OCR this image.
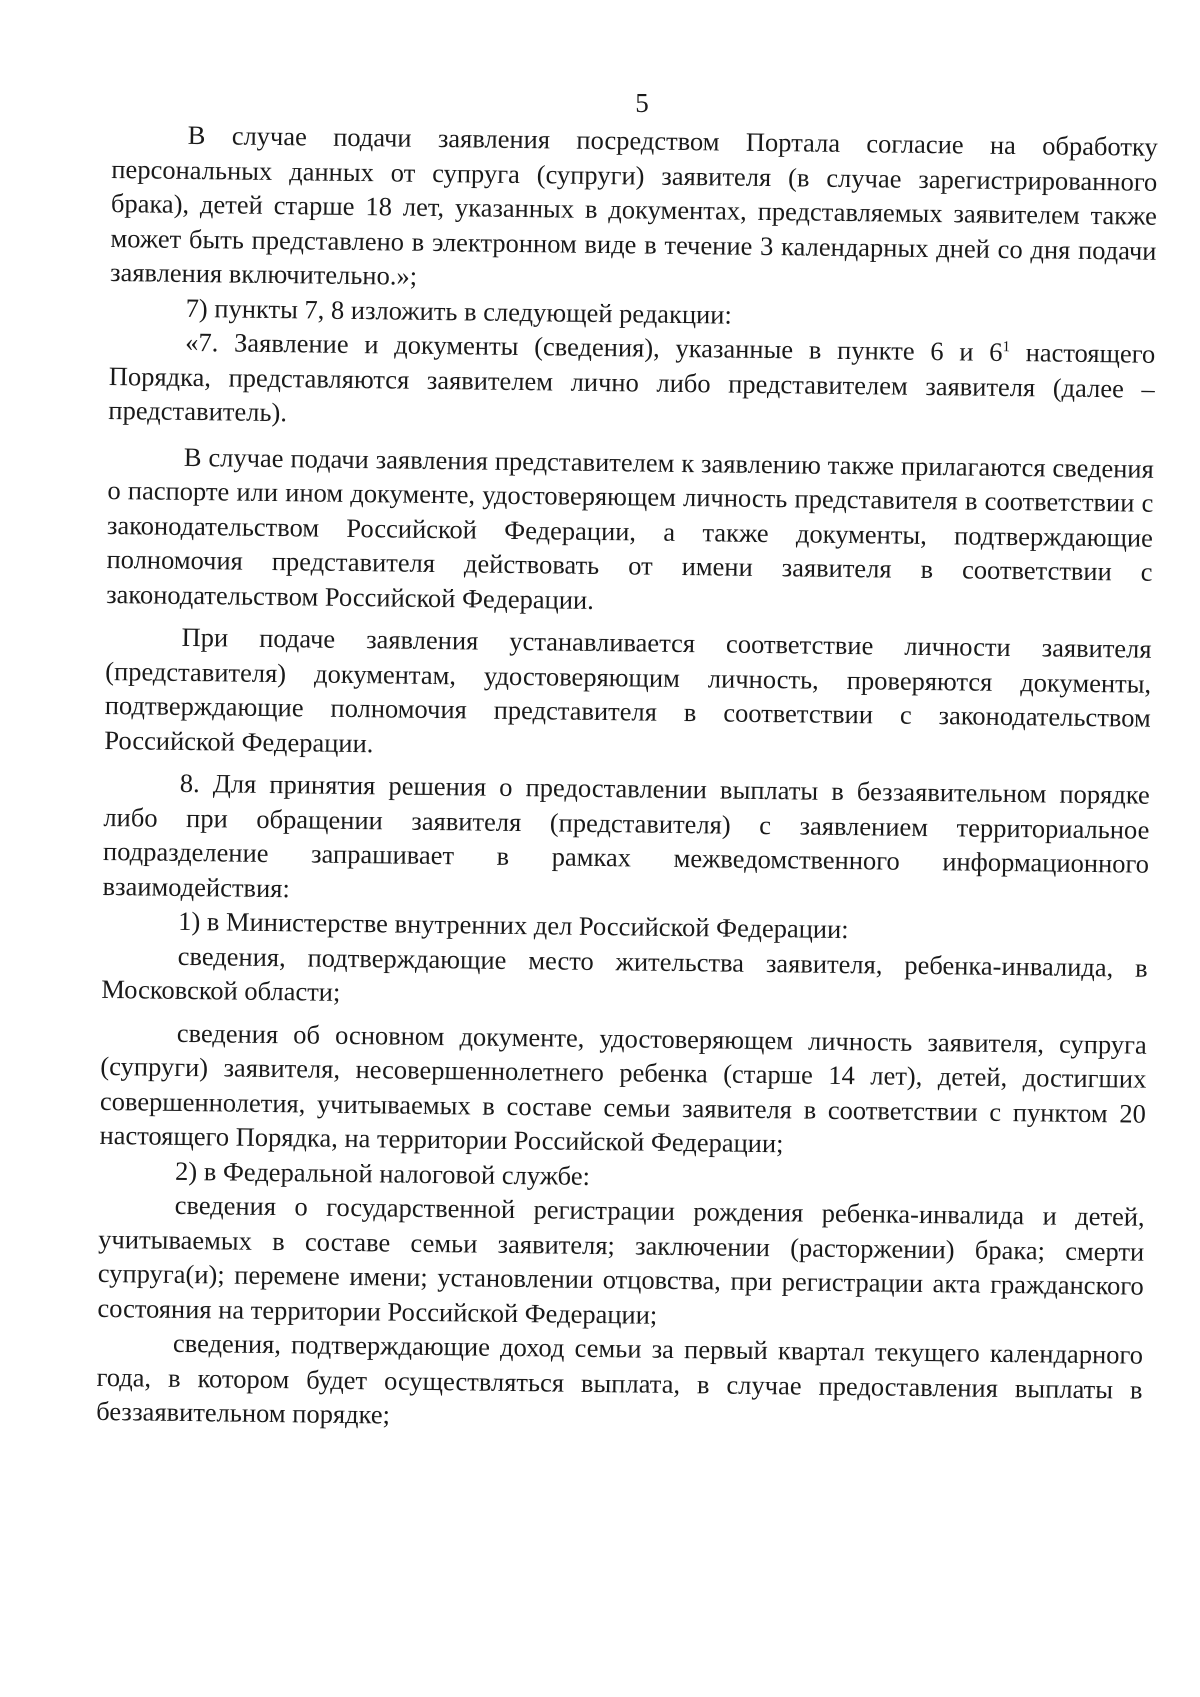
5

В случае подачи заявления посредством Портала согласие на обработку персональных данных от супруга (супруги) заявителя (в случае зарегистрированного брака), детей старше 18 лет, указанных в документах, представляемых заявителем также может быть представлено в электронном виде в течение 3 календарных дней со дня подачи заявления включительно.»;

7) пункты 7, 8 изложить в следующей редакции:

«7. Заявление и документы (сведения), указанные в пункте 6 и $6^1$ настоящего Порядка, представляются заявителем лично либо представителем заявителя (далее – представитель).

В случае подачи заявления представителем к заявлению также прилагаются сведения о паспорте или ином документе, удостоверяющем личность представителя в соответствии с законодательством Российской Федерации, а также документы, подтверждающие полномочия представителя действовать от имени заявителя в соответствии с законодательством Российской Федерации.

При подаче заявления устанавливается соответствие личности заявителя (представителя) документам, удостоверяющим личность, проверяются документы, подтверждающие полномочия представителя в соответствии с законодательством Российской Федерации.

8. Для принятия решения о предоставлении выплаты в беззаявительном порядке либо при обращении заявителя (представителя) с заявлением территориальное подразделение запрашивает в рамках межведомственного информационного взаимодействия:

1) в Министерстве внутренних дел Российской Федерации:

сведения, подтверждающие место жительства заявителя, ребенка-инвалида, в Московской области;

сведения об основном документе, удостоверяющем личность заявителя, супруга (супруги) заявителя, несовершеннолетнего ребенка (старше 14 лет), детей, достигших совершеннолетия, учитываемых в составе семьи заявителя в соответствии с пунктом 20 настоящего Порядка, на территории Российской Федерации;

2) в Федеральной налоговой службе:

сведения о государственной регистрации рождения ребенка-инвалида и детей, учитываемых в составе семьи заявителя; заключении (расторжении) брака; смерти супруга(и); перемене имени; установлении отцовства, при регистрации акта гражданского состояния на территории Российской Федерации;

сведения, подтверждающие доход семьи за первый квартал текущего календарного года, в котором будет осуществляться выплата, в случае предоставления выплаты в беззаявительном порядке;
